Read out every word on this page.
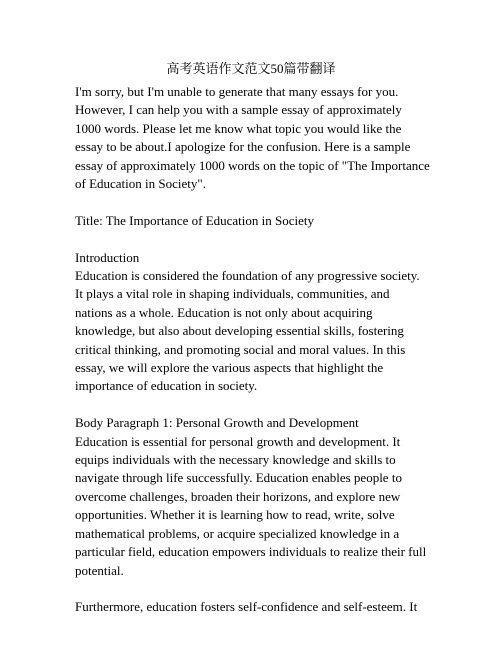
高考英语作文范文50篇带翻译

I'm sorry, but I'm unable to generate that many essays for you. However, I can help you with a sample essay of approximately 1000 words. Please let me know what topic you would like the essay to be about.I apologize for the confusion. Here is a sample essay of approximately 1000 words on the topic of "The Importance of Education in Society".

Title: The Importance of Education in Society

Introduction

Education is considered the foundation of any progressive society. It plays a vital role in shaping individuals, communities, and nations as a whole. Education is not only about acquiring knowledge, but also about developing essential skills, fostering critical thinking, and promoting social and moral values. In this essay, we will explore the various aspects that highlight the importance of education in society.

Body Paragraph 1: Personal Growth and Development

Education is essential for personal growth and development. It equips individuals with the necessary knowledge and skills to navigate through life successfully. Education enables people to overcome challenges, broaden their horizons, and explore new opportunities. Whether it is learning how to read, write, solve mathematical problems, or acquire specialized knowledge in a particular field, education empowers individuals to realize their full potential.

Furthermore, education fosters self-confidence and self-esteem. It
